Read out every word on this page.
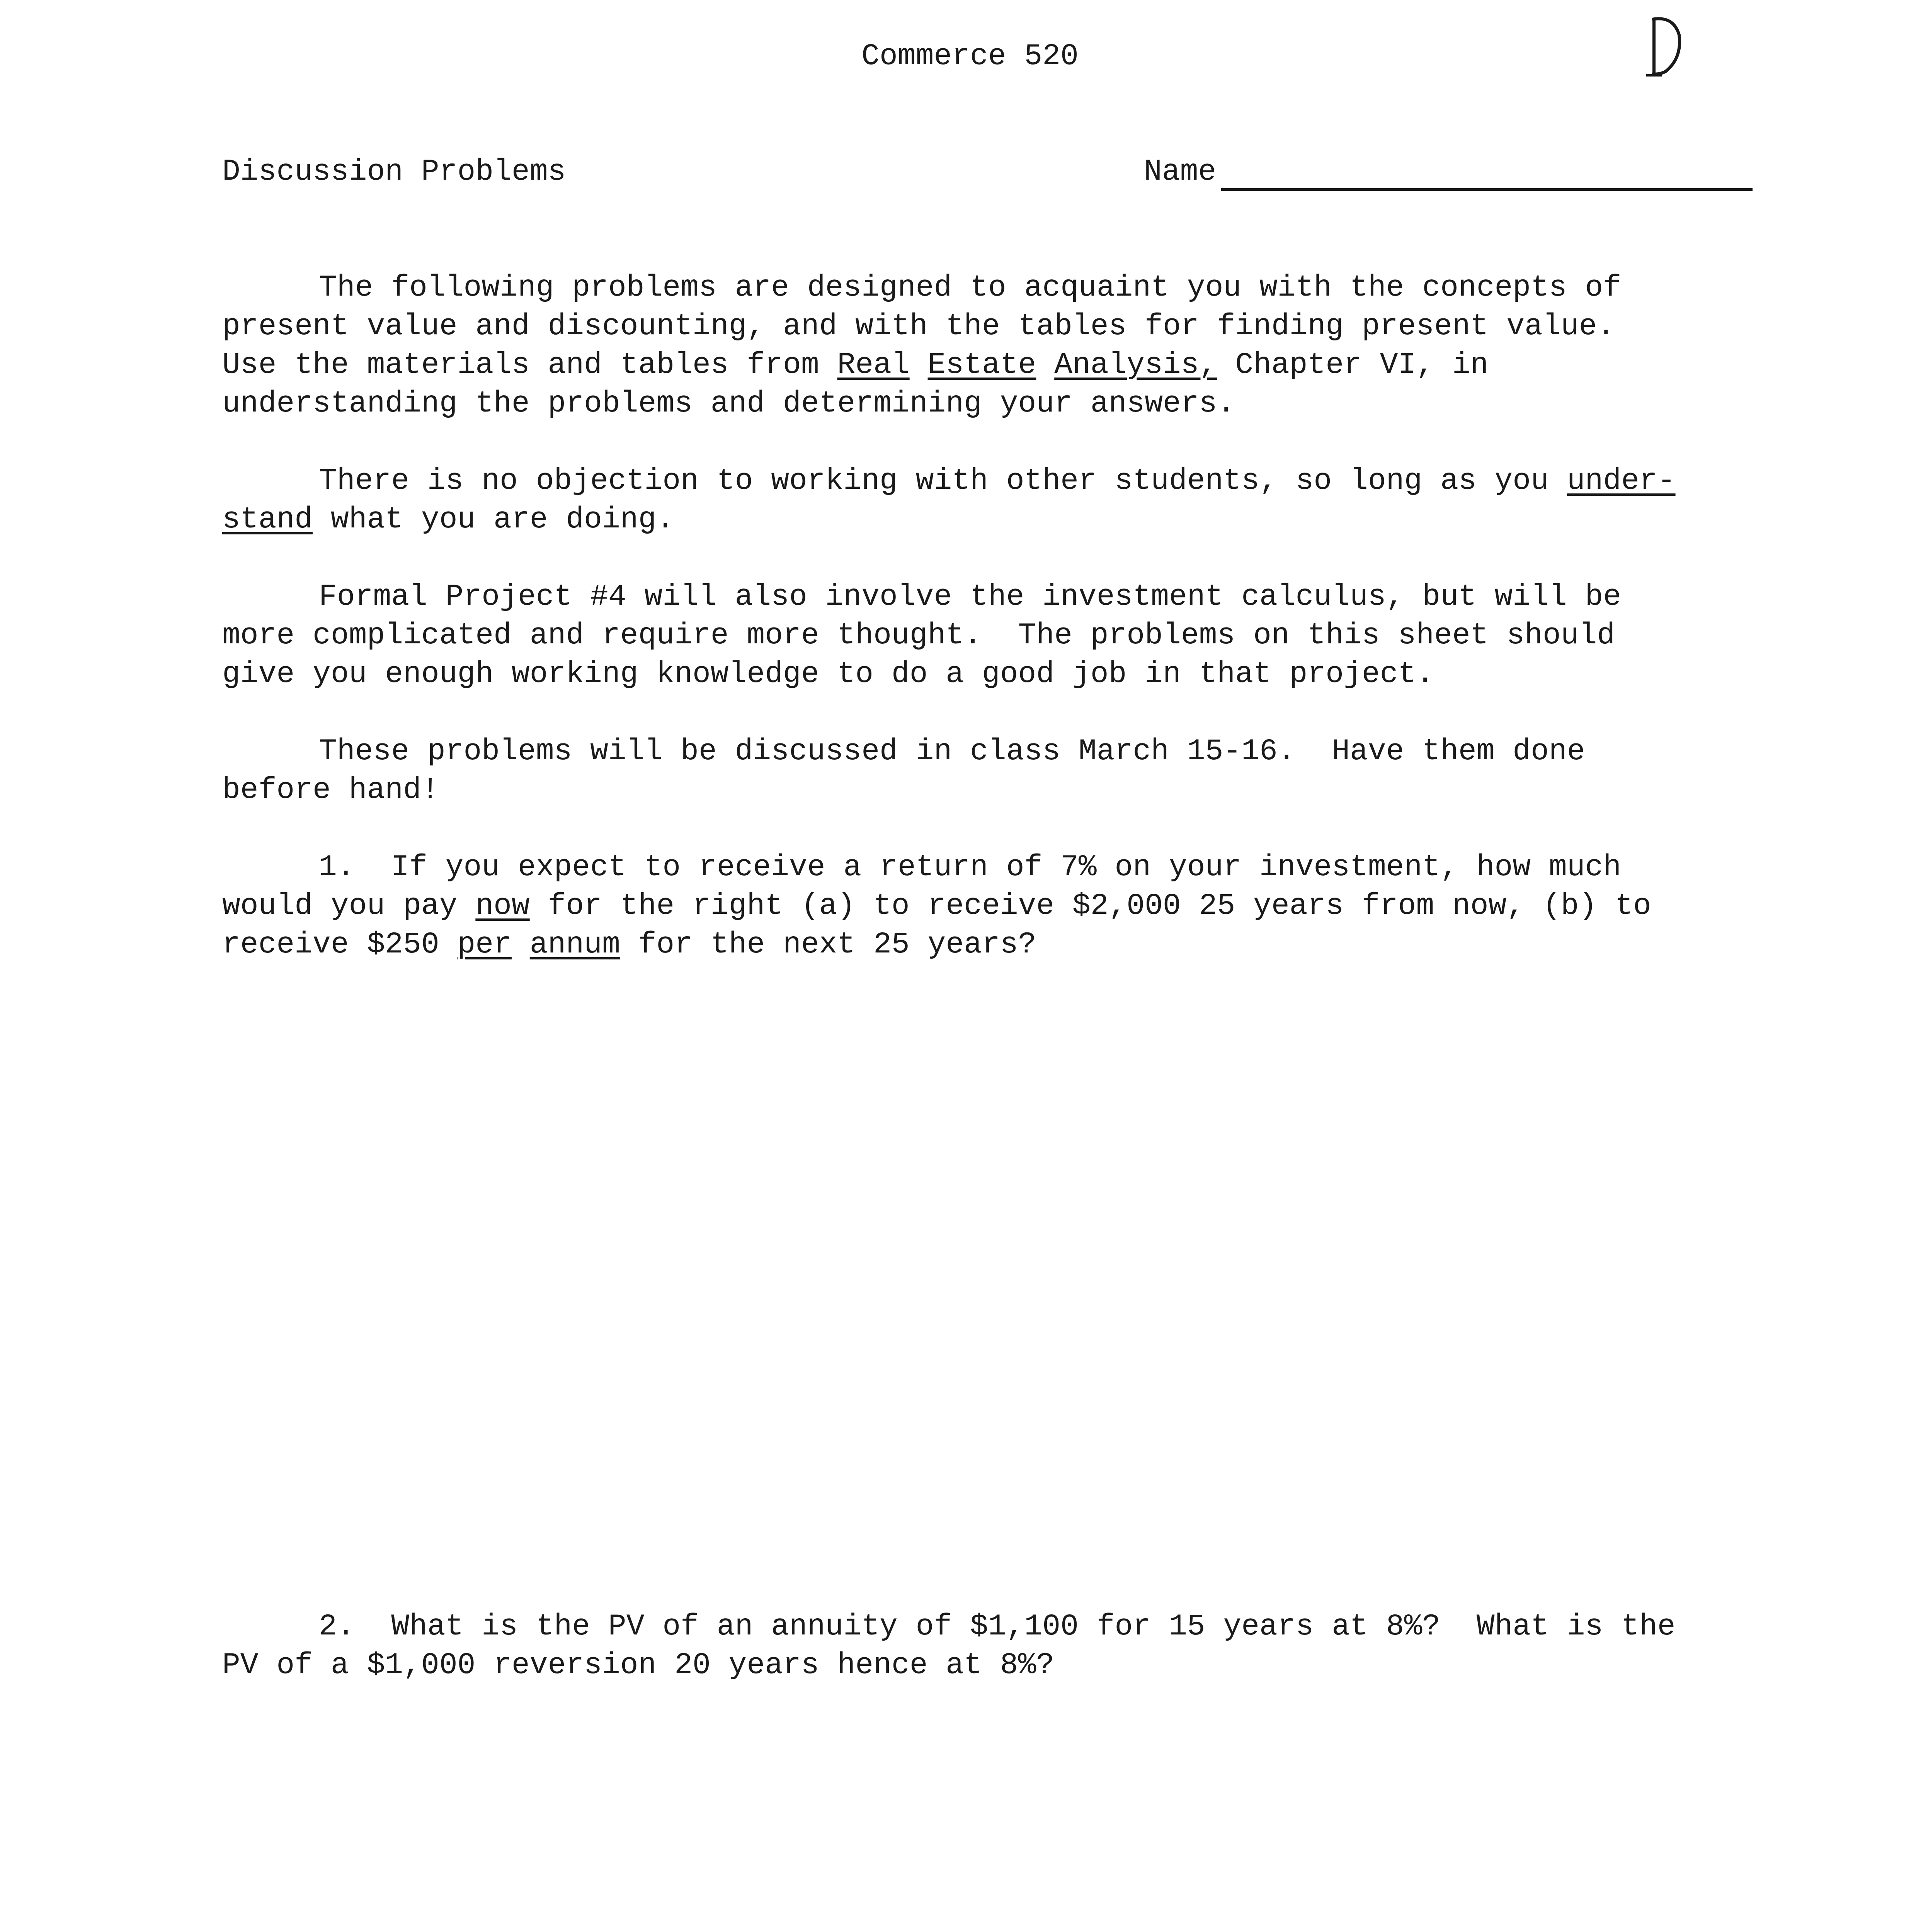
Commerce 520
Discussion Problems	Name
The following problems are designed to acquaint you with the concepts of
present value and discounting, and with the tables for finding present value.
Use the materials and tables from Real Estate Analysis, Chapter VI, in
understanding the problems and determining your answers.
There is no objection to working with other students, so long as you under-
stand what you are doing.
Formal Project #4 will also involve the investment calculus, but will be
more complicated and require more thought.  The problems on this sheet should
give you enough working knowledge to do a good job in that project.
These problems will be discussed in class March 15-16.  Have them done
before hand!
1.  If you expect to receive a return of 7% on your investment, how much
would you pay now for the right (a) to receive $2,000 25 years from now, (b) to
receive $250 per annum for the next 25 years?
2.  What is the PV of an annuity of $1,100 for 15 years at 8%?  What is the
PV of a $1,000 reversion 20 years hence at 8%?
